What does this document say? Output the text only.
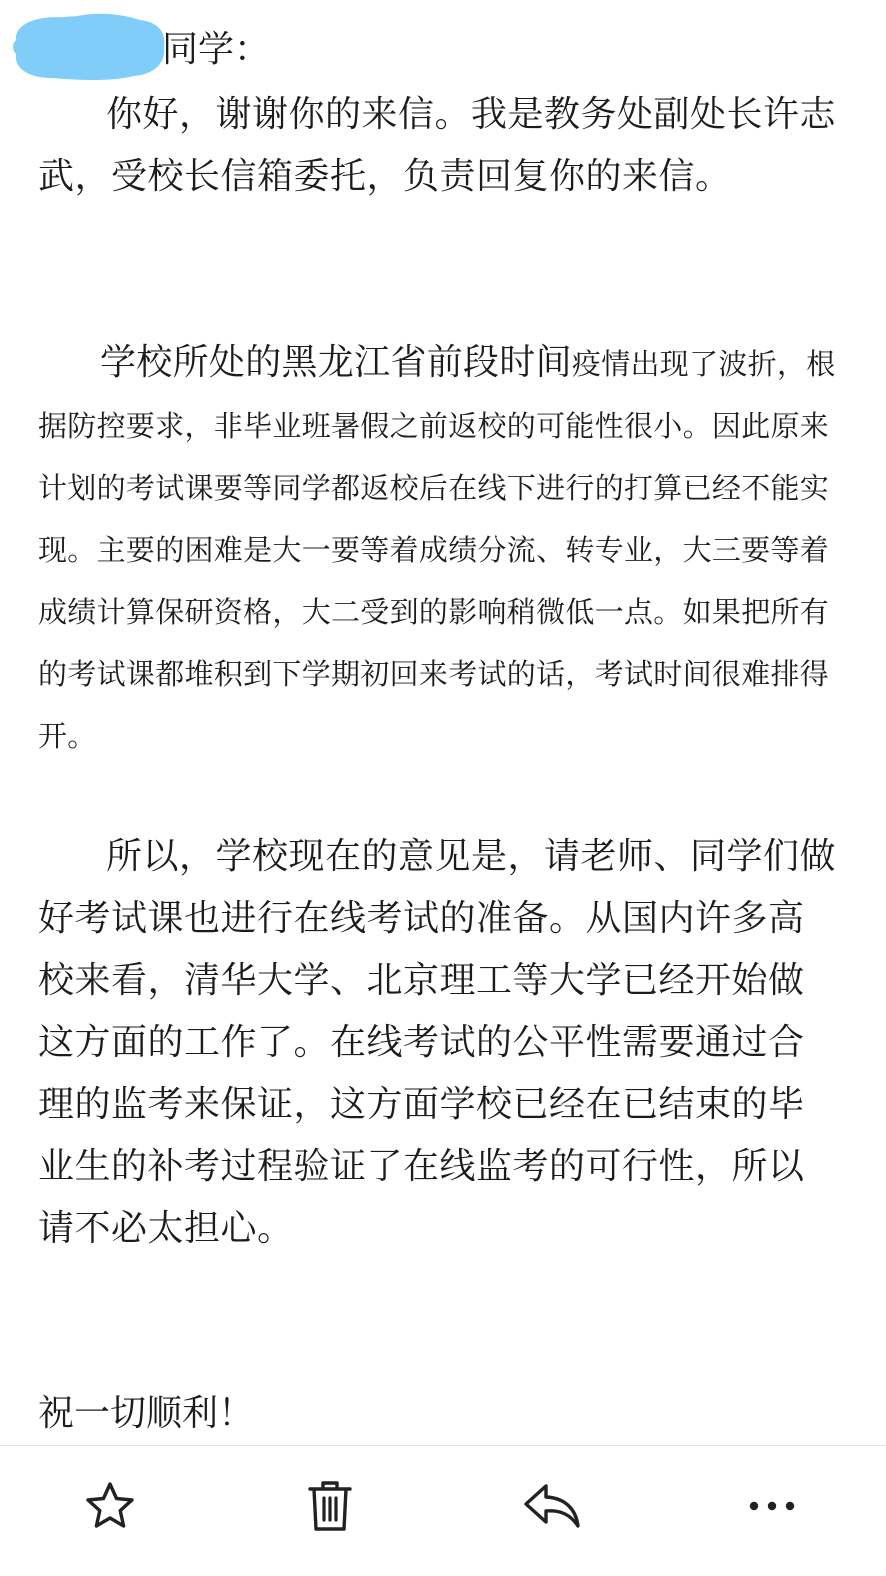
同学：

你好，谢谢你的来信。我是教务处副处长许志武，受校长信箱委托，负责回复你的来信。

学校所处的黑龙江省前段时间疫情出现了波折，根据防控要求，非毕业班暑假之前返校的可能性很小。因此原来计划的考试课要等同学都返校后在线下进行的打算已经不能实现。主要的困难是大一要等着成绩分流、转专业，大三要等着成绩计算保研资格，大二受到的影响稍微低一点。如果把所有的考试课都堆积到下学期初回来考试的话，考试时间很难排得开。

所以，学校现在的意见是，请老师、同学们做好考试课也进行在线考试的准备。从国内许多高校来看，清华大学、北京理工等大学已经开始做这方面的工作了。在线考试的公平性需要通过合理的监考来保证，这方面学校已经在已结束的毕业生的补考过程验证了在线监考的可行性，所以请不必太担心。

祝一切顺利！
